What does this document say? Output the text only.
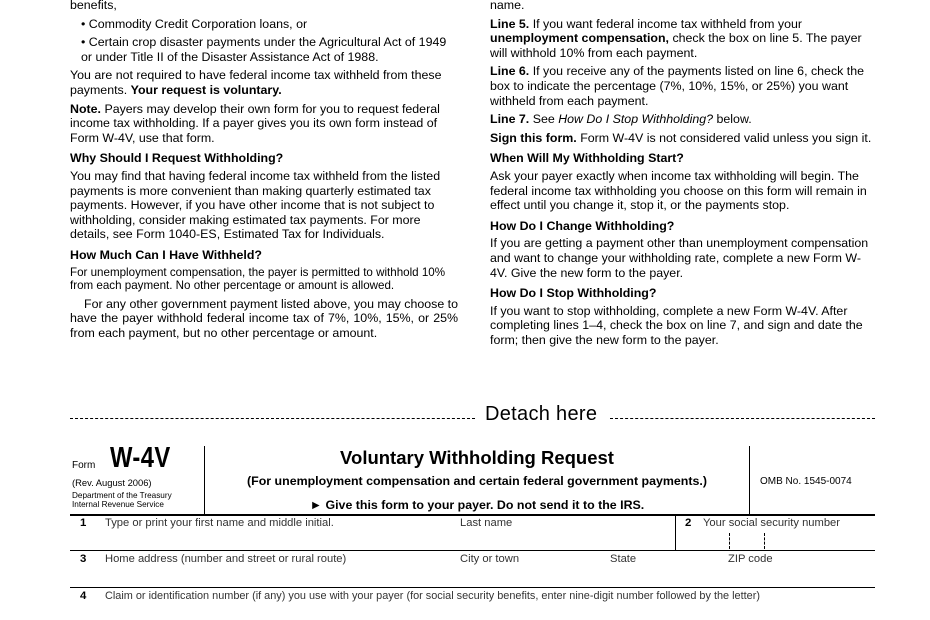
benefits,

• Commodity Credit Corporation loans, or

• Certain crop disaster payments under the Agricultural Act of 1949 or under Title II of the Disaster Assistance Act of 1988.

You are not required to have federal income tax withheld from these payments. Your request is voluntary.

Note. Payers may develop their own form for you to request federal income tax withholding. If a payer gives you its own form instead of Form W-4V, use that form.

Why Should I Request Withholding?

You may find that having federal income tax withheld from the listed payments is more convenient than making quarterly estimated tax payments. However, if you have other income that is not subject to withholding, consider making estimated tax payments. For more details, see Form 1040-ES, Estimated Tax for Individuals.

How Much Can I Have Withheld?

For unemployment compensation, the payer is permitted to withhold 10% from each payment. No other percentage or amount is allowed.

For any other government payment listed above, you may choose to have the payer withhold federal income tax of 7%, 10%, 15%, or 25% from each payment, but no other percentage or amount.

name.

Line 5. If you want federal income tax withheld from your unemployment compensation, check the box on line 5. The payer will withhold 10% from each payment.

Line 6. If you receive any of the payments listed on line 6, check the box to indicate the percentage (7%, 10%, 15%, or 25%) you want withheld from each payment.

Line 7. See How Do I Stop Withholding? below.

Sign this form. Form W-4V is not considered valid unless you sign it.

When Will My Withholding Start?

Ask your payer exactly when income tax withholding will begin. The federal income tax withholding you choose on this form will remain in effect until you change it, stop it, or the payments stop.

How Do I Change Withholding?

If you are getting a payment other than unemployment compensation and want to change your withholding rate, complete a new Form W-4V. Give the new form to the payer.

How Do I Stop Withholding?

If you want to stop withholding, complete a new Form W-4V. After completing lines 1–4, check the box on line 7, and sign and date the form; then give the new form to the payer.

Detach here
Form W-4V
(Rev. August 2006)
Department of the Treasury
Internal Revenue Service
Voluntary Withholding Request
(For unemployment compensation and certain federal government payments.)
► Give this form to your payer. Do not send it to the IRS.
OMB No. 1545-0074
1 Type or print your first name and middle initial.	Last name	2 Your social security number
3 Home address (number and street or rural route)	City or town	State	ZIP code
4 Claim or identification number (if any) you use with your payer (for social security benefits, enter nine-digit number followed by the letter)
